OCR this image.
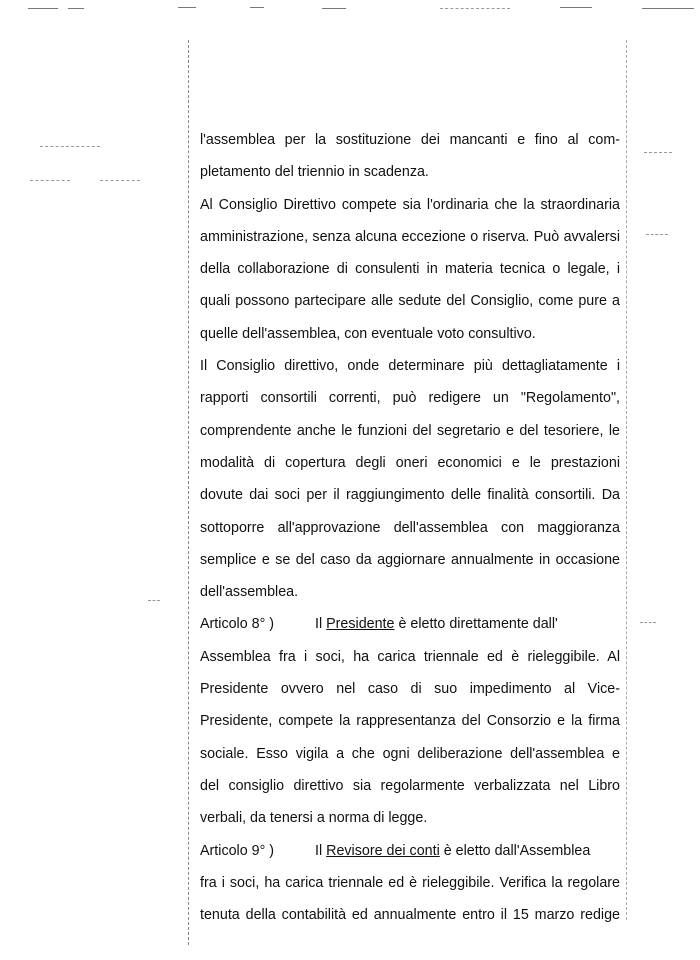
l'assemblea per la sostituzione dei mancanti e fino al com-
pletamento del triennio in scadenza.
Al Consiglio Direttivo compete sia l'ordinaria che la straordinaria
amministrazione, senza alcuna eccezione o riserva. Può avvalersi
della collaborazione di consulenti in materia tecnica o legale, i
quali possono partecipare alle sedute del Consiglio, come pure a
quelle dell'assemblea, con eventuale voto consultivo.
Il Consiglio direttivo, onde determinare più dettagliatamente i
rapporti consortili correnti, può redigere un "Regolamento",
comprendente anche le funzioni del segretario e del tesoriere, le
modalità di copertura degli oneri economici e le prestazioni
dovute dai soci per il raggiungimento delle finalità consortili. Da
sottoporre all'approvazione dell'assemblea con maggioranza
semplice e se del caso da aggiornare annualmente in occasione
dell'assemblea.
Articolo 8° )	Il Presidente è eletto direttamente dall'
Assemblea fra i soci, ha carica triennale ed è rieleggibile. Al
Presidente ovvero nel caso di suo impedimento al Vice-
Presidente, compete la rappresentanza del Consorzio e la firma
sociale. Esso vigila a che ogni deliberazione dell'assemblea e
del consiglio direttivo sia regolarmente verbalizzata nel Libro
verbali, da tenersi a norma di legge.
Articolo 9° )	Il Revisore dei conti è eletto dall'Assemblea
fra i soci, ha carica triennale ed è rieleggibile. Verifica la regolare
tenuta della contabilità ed annualmente entro il 15 marzo redige
